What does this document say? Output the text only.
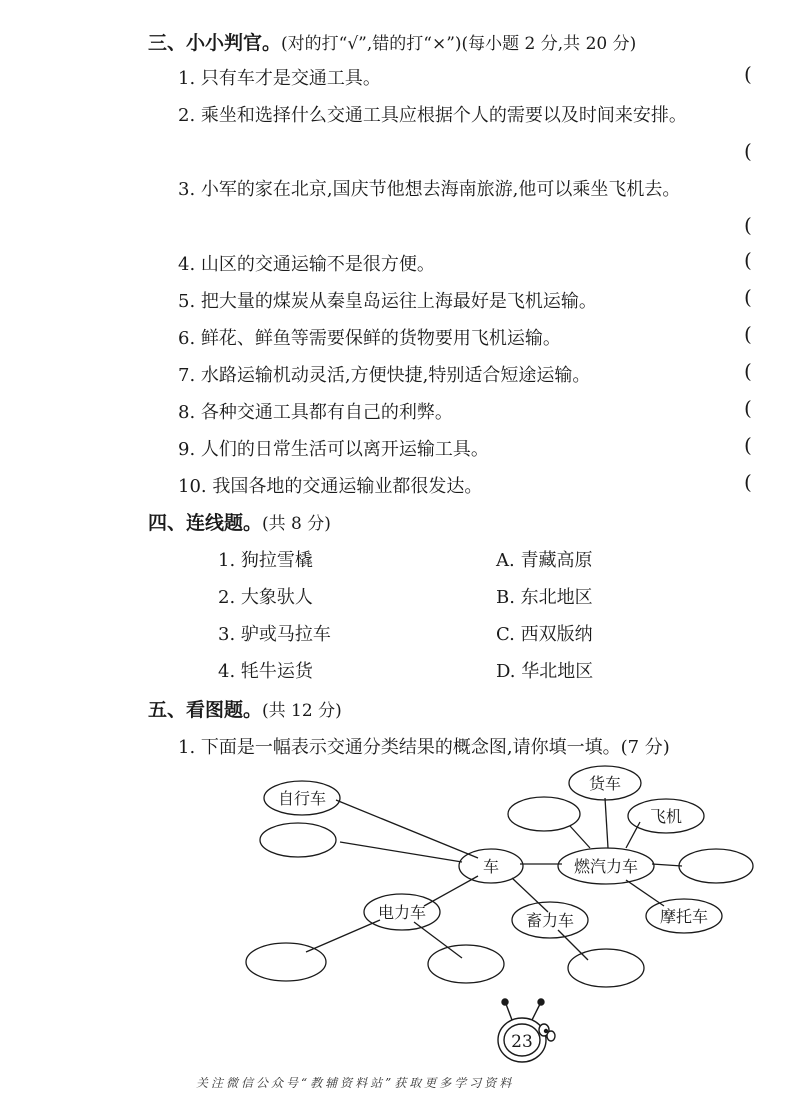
三、小小判官。(对的打“√”,错的打“×”)(每小题 2 分,共 20 分)
1. 只有车才是交通工具。	(
2. 乘坐和选择什么交通工具应根据个人的需要以及时间来安排。
(
3. 小军的家在北京,国庆节他想去海南旅游,他可以乘坐飞机去。
(
4. 山区的交通运输不是很方便。	(
5. 把大量的煤炭从秦皇岛运往上海最好是飞机运输。	(
6. 鲜花、鲜鱼等需要保鲜的货物要用飞机运输。	(
7. 水路运输机动灵活,方便快捷,特别适合短途运输。	(
8. 各种交通工具都有自己的利弊。	(
9. 人们的日常生活可以离开运输工具。	(
10. 我国各地的交通运输业都很发达。	(
四、连线题。(共 8 分)
1. 狗拉雪橇
2. 大象驮人
3. 驴或马拉车
4. 牦牛运货
A. 青藏高原
B. 东北地区
C. 西双版纳
D. 华北地区
五、看图题。(共 12 分)
1. 下面是一幅表示交通分类结果的概念图,请你填一填。(7 分)
自行车
车
电力车	畜力车
燃汽力车
货车
飞机
摩托车
23
关注微信公众号“教辅资料站”获取更多学习资料
